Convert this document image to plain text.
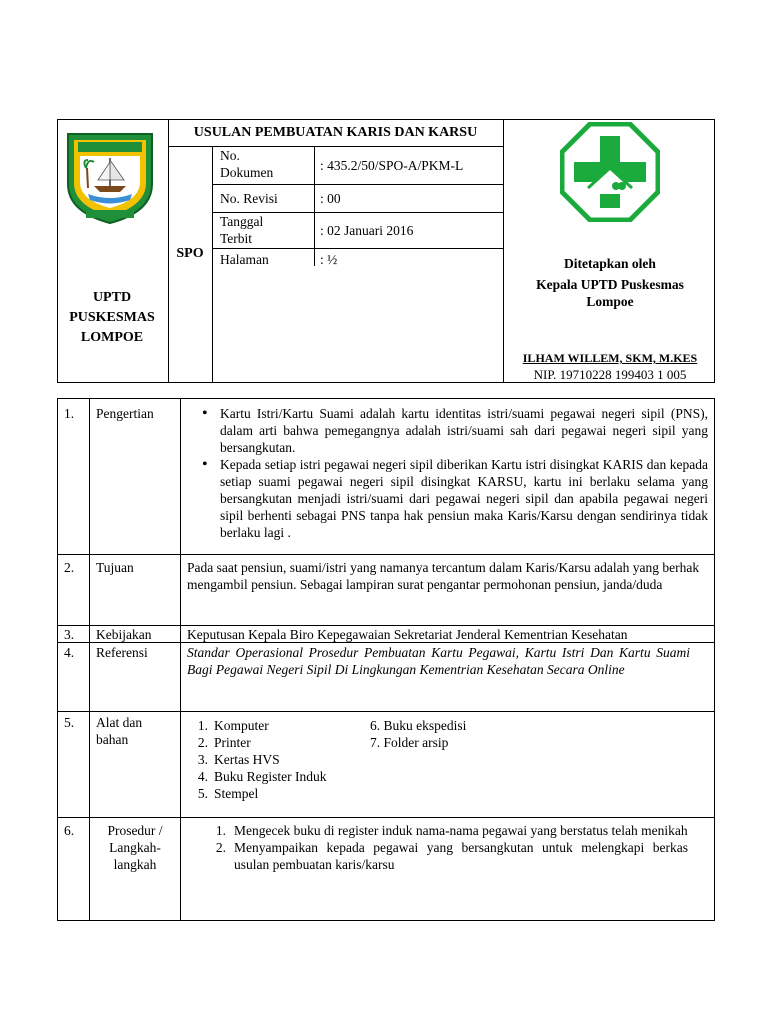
UPTD PUSKESMAS LOMPOE
USULAN PEMBUATAN KARIS DAN KARSU
SPO
No. Dokumen	: 435.2/50/SPO-A/PKM-L
No. Revisi	: 00
Tanggal Terbit
: 02 Januari 2016
Halaman	: ½	Ditetapkan oleh
Kepala UPTD Puskesmas Lompoe
ILHAM WILLEM, SKM, M.KES
NIP. 19710228 199403 1 005
1. Pengertian
•	Kartu Istri/Kartu Suami adalah kartu identitas istri/suami pegawai negeri sipil (PNS), dalam arti bahwa pemegangnya adalah istri/suami sah dari pegawai negeri sipil yang bersangkutan.
• Kepada setiap istri pegawai negeri sipil diberikan Kartu istri disingkat KARIS dan kepada setiap suami pegawai negeri sipil disingkat KARSU, kartu ini berlaku selama yang bersangkutan menjadi istri/suami dari pegawai negeri sipil dan apabila pegawai negeri sipil berhenti sebagai PNS tanpa hak pensiun maka Karis/Karsu dengan sendirinya tidak berlaku lagi .
2. Tujuan	Pada saat pensiun, suami/istri yang namanya tercantum dalam Karis/Karsu adalah yang berhak mengambil pensiun. Sebagai lampiran surat pengantar permohonan pensiun, janda/duda
3. Kebijakan	Keputusan Kepala Biro Kepegawaian Sekretariat Jenderal Kementrian Kesehatan
4. Referensi	Standar Operasional Prosedur Pembuatan Kartu Pegawai, Kartu Istri Dan Kartu Suami Bagi Pegawai Negeri Sipil Di Lingkungan Kementrian Kesehatan Secara Online
5. Alat dan bahan
1. Komputer
2. Printer
3. Kertas HVS
4. Buku Register Induk
5. Stempel
6. Buku ekspedisi
7. Folder arsip
6.	Prosedur / Langkah-langkah
1. Mengecek buku di register induk nama-nama pegawai yang berstatus telah menikah
2. Menyampaikan kepada pegawai yang bersangkutan untuk melengkapi berkas usulan pembuatan karis/karsu
